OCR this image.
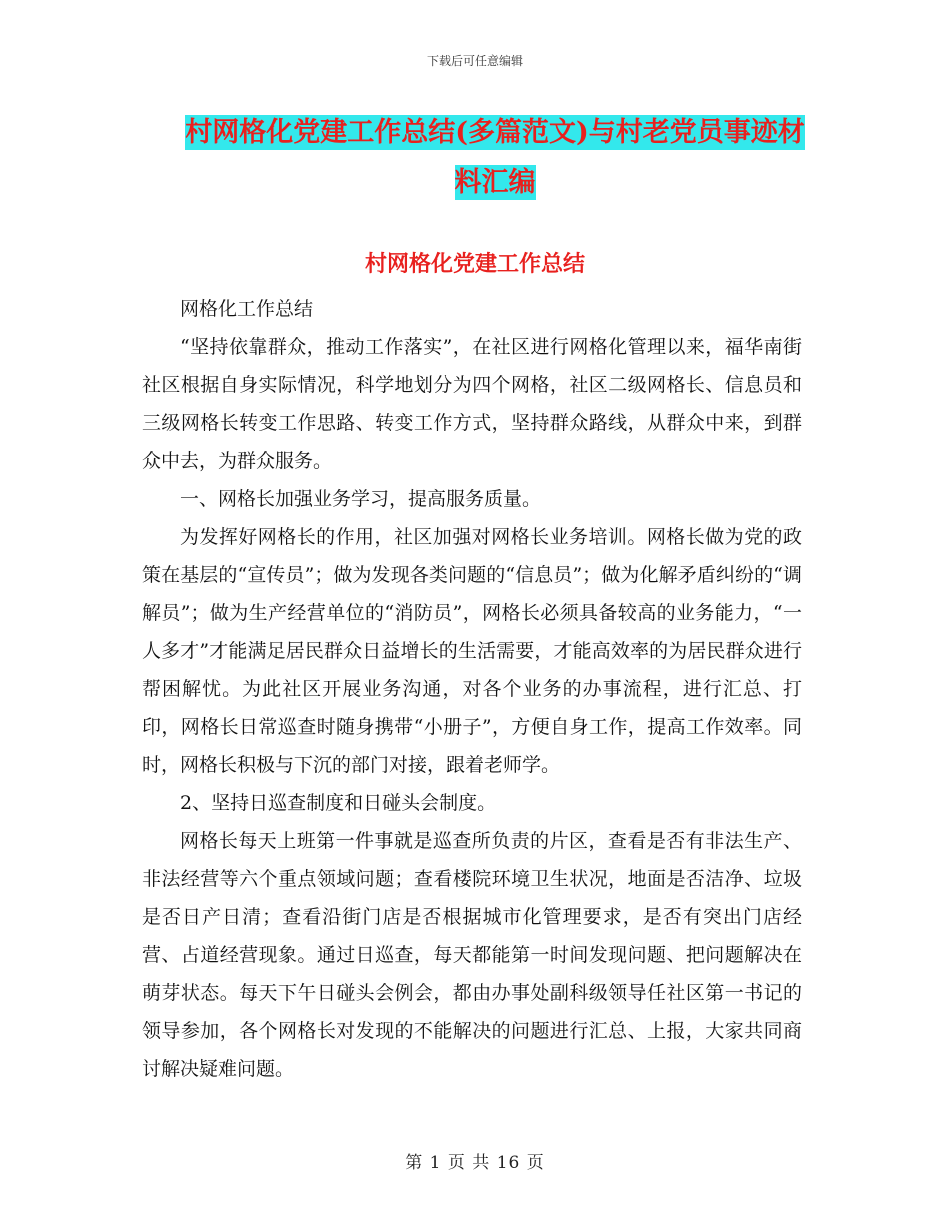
下载后可任意编辑
村网格化党建工作总结(多篇范文)与村老党员事迹材
料汇编
村网格化党建工作总结

网格化工作总结

“坚持依靠群众，推动工作落实”，在社区进行网格化管理以来，福华南街社区根据自身实际情况，科学地划分为四个网格，社区二级网格长、信息员和三级网格长转变工作思路、转变工作方式，坚持群众路线，从群众中来，到群众中去，为群众服务。

一、网格长加强业务学习，提高服务质量。

为发挥好网格长的作用，社区加强对网格长业务培训。网格长做为党的政策在基层的“宣传员”；做为发现各类问题的“信息员”；做为化解矛盾纠纷的“调解员”；做为生产经营单位的“消防员”，网格长必须具备较高的业务能力，“一人多才”才能满足居民群众日益增长的生活需要，才能高效率的为居民群众进行帮困解忧。为此社区开展业务沟通，对各个业务的办事流程，进行汇总、打印，网格长日常巡查时随身携带“小册子”，方便自身工作，提高工作效率。同时，网格长积极与下沉的部门对接，跟着老师学。

2、坚持日巡查制度和日碰头会制度。

网格长每天上班第一件事就是巡查所负责的片区，查看是否有非法生产、非法经营等六个重点领域问题；查看楼院环境卫生状况，地面是否洁净、垃圾是否日产日清；查看沿街门店是否根据城市化管理要求，是否有突出门店经营、占道经营现象。通过日巡查，每天都能第一时间发现问题、把问题解决在萌芽状态。每天下午日碰头会例会，都由办事处副科级领导任社区第一书记的领导参加，各个网格长对发现的不能解决的问题进行汇总、上报，大家共同商讨解决疑难问题。

第 1 页 共 16 页
